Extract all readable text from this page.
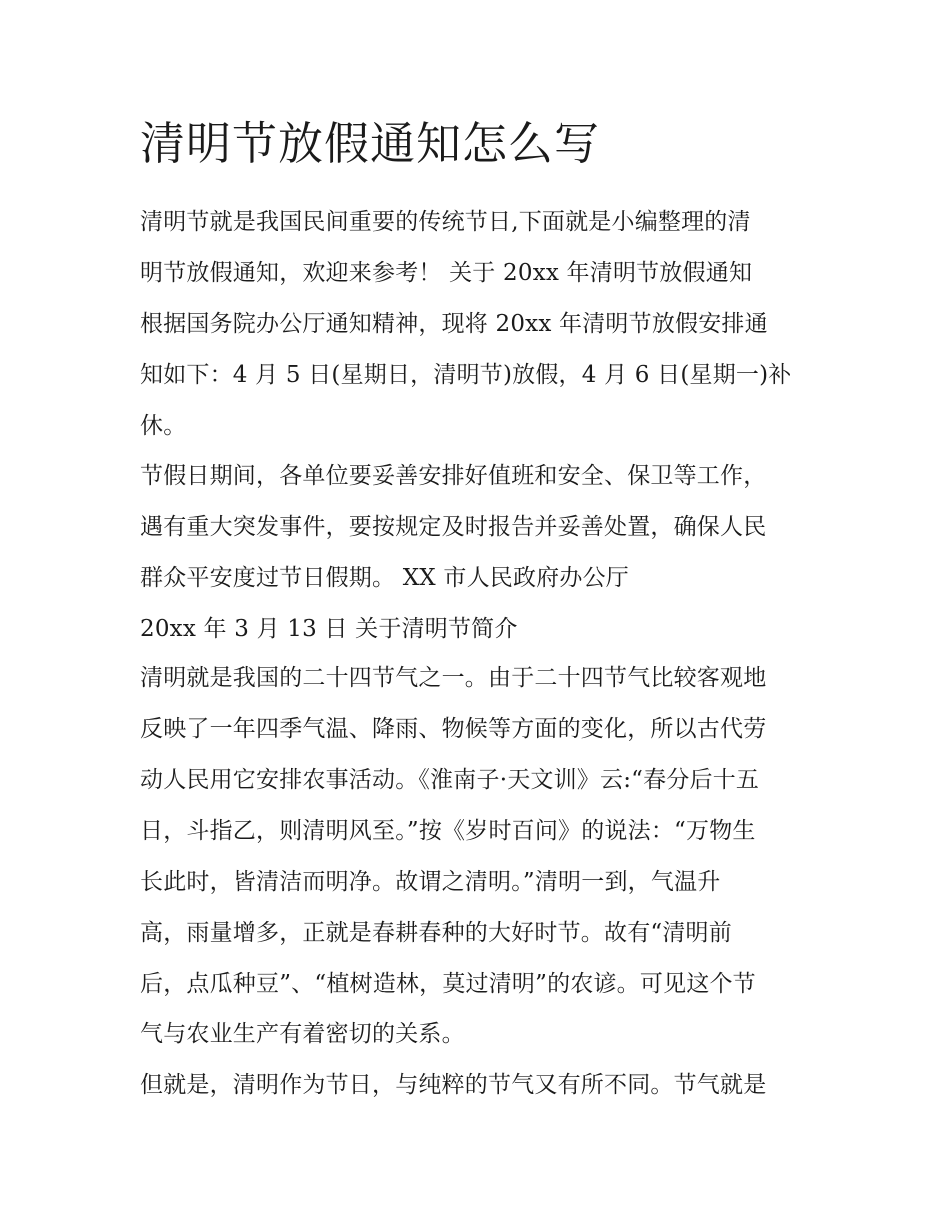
清明节放假通知怎么写

清明节就是我国民间重要的传统节日,下面就是小编整理的清

明节放假通知，欢迎来参考！ 关于 20xx 年清明节放假通知

根据国务院办公厅通知精神，现将 20xx 年清明节放假安排通

知如下：4 月 5 日(星期日，清明节)放假，4 月 6 日(星期一)补

休。

节假日期间，各单位要妥善安排好值班和安全、保卫等工作，

遇有重大突发事件，要按规定及时报告并妥善处置，确保人民

群众平安度过节日假期。 XX 市人民政府办公厅

20xx 年 3 月 13 日 关于清明节简介

清明就是我国的二十四节气之一。由于二十四节气比较客观地

反映了一年四季气温、降雨、物候等方面的变化，所以古代劳

动人民用它安排农事活动。《淮南子·天文训》云:“春分后十五

日，斗指乙，则清明风至。”按《岁时百问》的说法：“万物生

长此时，皆清洁而明净。故谓之清明。”清明一到，气温升

高，雨量增多，正就是春耕春种的大好时节。故有“清明前

后，点瓜种豆”、“植树造林，莫过清明”的农谚。可见这个节

气与农业生产有着密切的关系。

但就是，清明作为节日，与纯粹的节气又有所不同。节气就是
